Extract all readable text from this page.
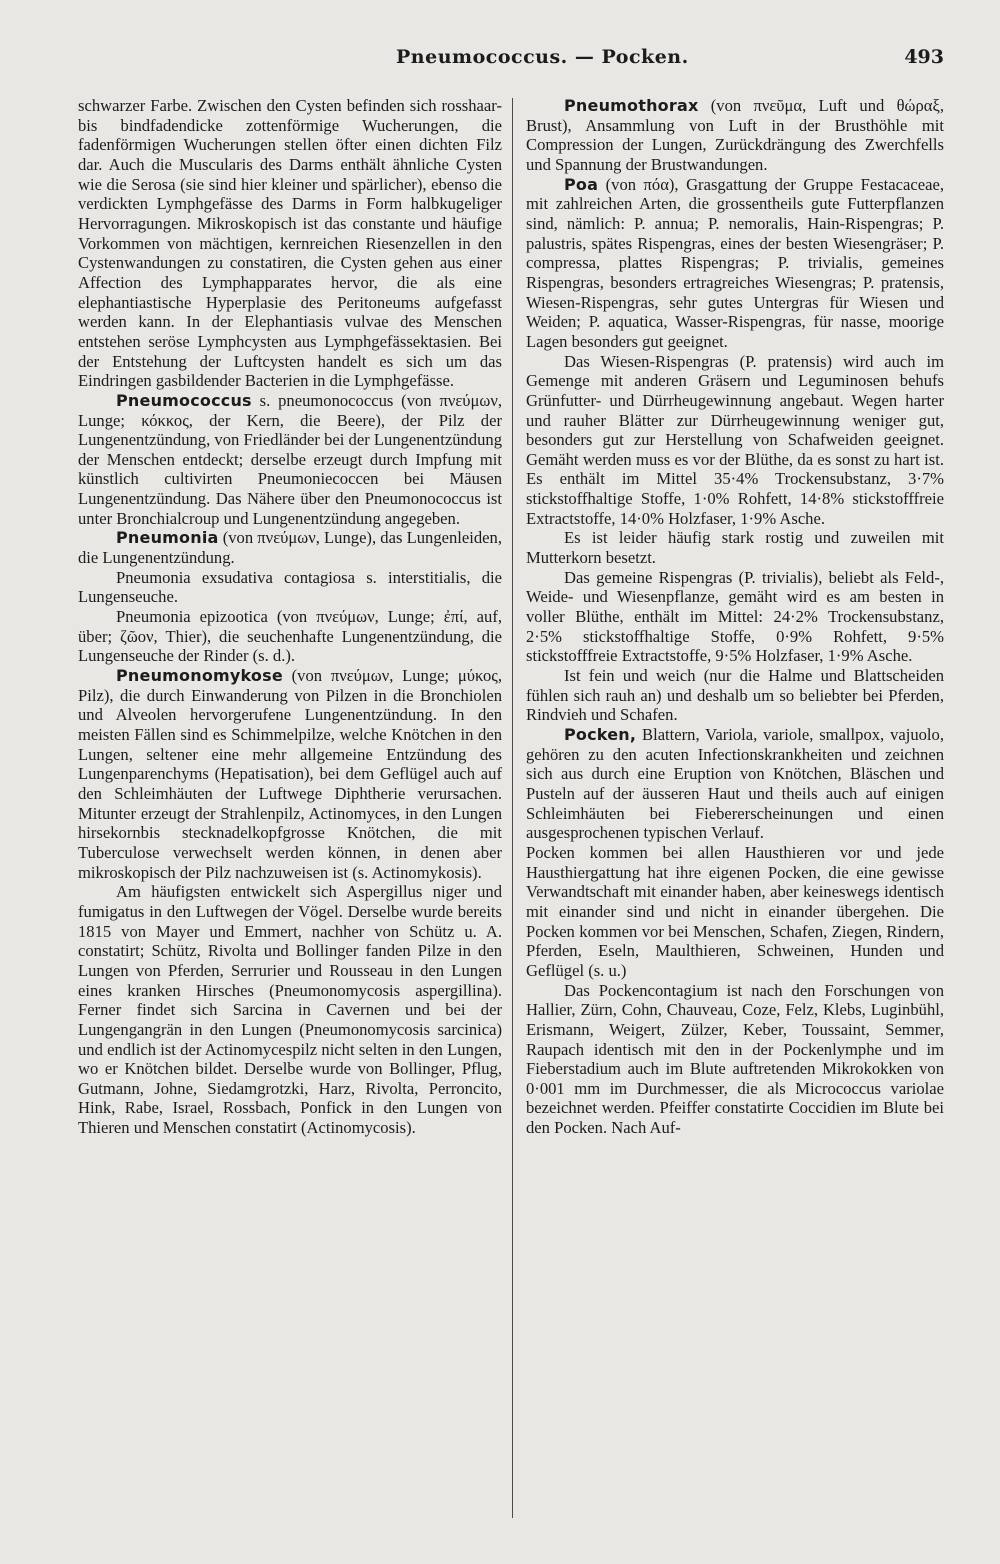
Pneumococcus. — Pocken.	493

schwarzer Farbe. Zwischen den Cysten befinden sich rosshaar- bis bindfadendicke zottenförmige Wucherungen, die fadenförmigen Wucherungen stellen öfter einen dichten Filz dar. Auch die Muscularis des Darms enthält ähnliche Cysten wie die Serosa (sie sind hier kleiner und spärlicher), ebenso die verdickten Lymphgefässe des Darms in Form halbkugeliger Hervorragungen. Mikroskopisch ist das constante und häufige Vorkommen von mächtigen, kernreichen Riesenzellen in den Cystenwandungen zu constatiren, die Cysten gehen aus einer Affection des Lymphapparates hervor, die als eine elephantiastische Hyperplasie des Peritoneums aufgefasst werden kann. In der Elephantiasis vulvae des Menschen entstehen seröse Lymphcysten aus Lymphgefässektasien. Bei der Entstehung der Luftcysten handelt es sich um das Eindringen gasbildender Bacterien in die Lymphgefässe.

Pneumococcus s. pneumonococcus (von πνεύμων, Lunge; κόκκος, der Kern, die Beere), der Pilz der Lungenentzündung, von Friedländer bei der Lungenentzündung der Menschen entdeckt; derselbe erzeugt durch Impfung mit künstlich cultivirten Pneumoniecoccen bei Mäusen Lungenentzündung. Das Nähere über den Pneumonococcus ist unter Bronchialcroup und Lungenentzündung angegeben.

Pneumonia (von πνεύμων, Lunge), das Lungenleiden, die Lungenentzündung.

Pneumonia exsudativa contagiosa s. interstitialis, die Lungenseuche.

Pneumonia epizootica (von πνεύμων, Lunge; ἐπί, auf, über; ζῶον, Thier), die seuchenhafte Lungenentzündung, die Lungenseuche der Rinder (s. d.).

Pneumonomykose (von πνεύμων, Lunge; μύκος, Pilz), die durch Einwanderung von Pilzen in die Bronchiolen und Alveolen hervorgerufene Lungenentzündung. In den meisten Fällen sind es Schimmelpilze, welche Knötchen in den Lungen, seltener eine mehr allgemeine Entzündung des Lungenparenchyms (Hepatisation), bei dem Geflügel auch auf den Schleimhäuten der Luftwege Diphtherie verursachen. Mitunter erzeugt der Strahlenpilz, Actinomyces, in den Lungen hirsekornbis stecknadelkopfgrosse Knötchen, die mit Tuberculose verwechselt werden können, in denen aber mikroskopisch der Pilz nachzuweisen ist (s. Actinomykosis).

Am häufigsten entwickelt sich Aspergillus niger und fumigatus in den Luftwegen der Vögel. Derselbe wurde bereits 1815 von Mayer und Emmert, nachher von Schütz u. A. constatirt; Schütz, Rivolta und Bollinger fanden Pilze in den Lungen von Pferden, Serrurier und Rousseau in den Lungen eines kranken Hirsches (Pneumonomycosis aspergillina). Ferner findet sich Sarcina in Cavernen und bei der Lungengangrän in den Lungen (Pneumonomycosis sarcinica) und endlich ist der Actinomycespilz nicht selten in den Lungen, wo er Knötchen bildet. Derselbe wurde von Bollinger, Pflug, Gutmann, Johne, Siedamgrotzki, Harz, Rivolta, Perroncito, Hink, Rabe, Israel, Rossbach, Ponfick in den Lungen von Thieren und Menschen constatirt (Actinomycosis).

Pneumothorax (von πνεῦμα, Luft und θώραξ, Brust), Ansammlung von Luft in der Brusthöhle mit Compression der Lungen, Zurückdrängung des Zwerchfells und Spannung der Brustwandungen.

Poa (von πόα), Grasgattung der Gruppe Festacaceae, mit zahlreichen Arten, die grossentheils gute Futterpflanzen sind, nämlich: P. annua; P. nemoralis, Hain-Rispengras; P. palustris, spätes Rispengras, eines der besten Wiesengräser; P. compressa, plattes Rispengras; P. trivialis, gemeines Rispengras, besonders ertragreiches Wiesengras; P. pratensis, Wiesen-Rispengras, sehr gutes Untergras für Wiesen und Weiden; P. aquatica, Wasser-Rispengras, für nasse, moorige Lagen besonders gut geeignet.

Das Wiesen-Rispengras (P. pratensis) wird auch im Gemenge mit anderen Gräsern und Leguminosen behufs Grünfutter- und Dürrheugewinnung angebaut. Wegen harter und rauher Blätter zur Dürrheugewinnung weniger gut, besonders gut zur Herstellung von Schafweiden geeignet. Gemäht werden muss es vor der Blüthe, da es sonst zu hart ist. Es enthält im Mittel 35·4% Trockensubstanz, 3·7% stickstoffhaltige Stoffe, 1·0% Rohfett, 14·8% stickstofffreie Extractstoffe, 14·0% Holzfaser, 1·9% Asche.

Es ist leider häufig stark rostig und zuweilen mit Mutterkorn besetzt.

Das gemeine Rispengras (P. trivialis), beliebt als Feld-, Weide- und Wiesenpflanze, gemäht wird es am besten in voller Blüthe, enthält im Mittel: 24·2% Trockensubstanz, 2·5% stickstoffhaltige Stoffe, 0·9% Rohfett, 9·5% stickstofffreie Extractstoffe, 9·5% Holzfaser, 1·9% Asche.

Ist fein und weich (nur die Halme und Blattscheiden fühlen sich rauh an) und deshalb um so beliebter bei Pferden, Rindvieh und Schafen.

Pocken, Blattern, Variola, variole, smallpox, vajuolo, gehören zu den acuten Infectionskrankheiten und zeichnen sich aus durch eine Eruption von Knötchen, Bläschen und Pusteln auf der äusseren Haut und theils auch auf einigen Schleimhäuten bei Fiebererscheinungen und einen ausgesprochenen typischen Verlauf.

Pocken kommen bei allen Hausthieren vor und jede Hausthiergattung hat ihre eigenen Pocken, die eine gewisse Verwandtschaft mit einander haben, aber keineswegs identisch mit einander sind und nicht in einander übergehen. Die Pocken kommen vor bei Menschen, Schafen, Ziegen, Rindern, Pferden, Eseln, Maulthieren, Schweinen, Hunden und Geflügel (s. u.)

Das Pockencontagium ist nach den Forschungen von Hallier, Zürn, Cohn, Chauveau, Coze, Felz, Klebs, Luginbühl, Erismann, Weigert, Zülzer, Keber, Toussaint, Semmer, Raupach identisch mit den in der Pockenlymphe und im Fieberstadium auch im Blute auftretenden Mikrokokken von 0·001 mm im Durchmesser, die als Micrococcus variolae bezeichnet werden. Pfeiffer constatirte Coccidien im Blute bei den Pocken. Nach Auf-
